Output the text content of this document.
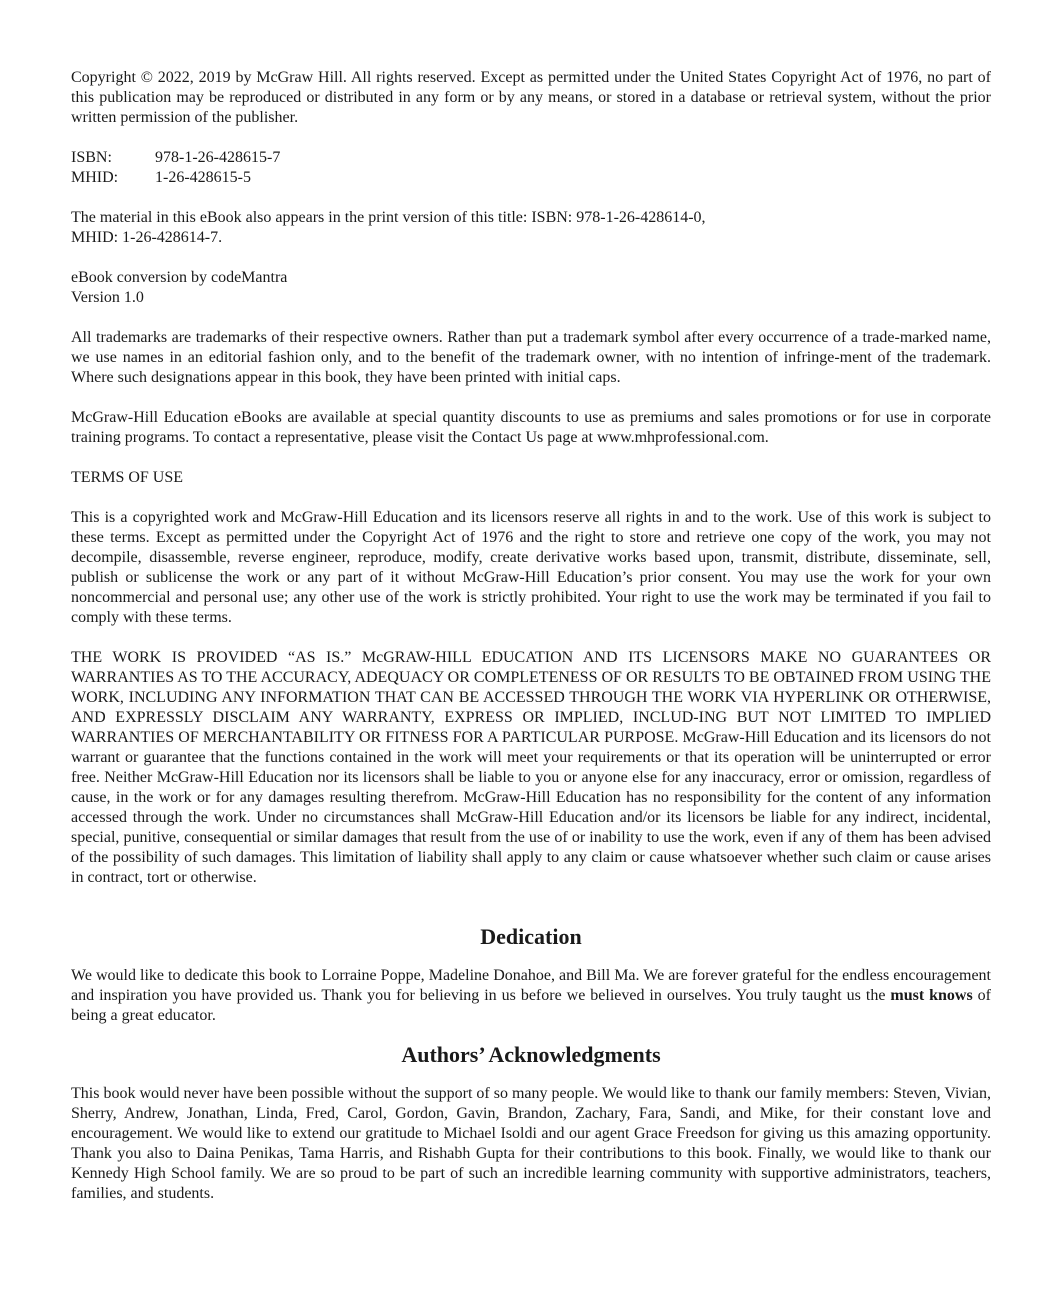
Copyright © 2022, 2019 by McGraw Hill. All rights reserved. Except as permitted under the United States Copyright Act of 1976, no part of this publication may be reproduced or distributed in any form or by any means, or stored in a database or retrieval system, without the prior written permission of the publisher.

ISBN:	978-1-26-428615-7
MHID: 1-26-428615-5

The material in this eBook also appears in the print version of this title: ISBN: 978-1-26-428614-0,
MHID: 1-26-428614-7.

eBook conversion by codeMantra
Version 1.0

All trademarks are trademarks of their respective owners. Rather than put a trademark symbol after every occurrence of a trade-marked name, we use names in an editorial fashion only, and to the benefit of the trademark owner, with no intention of infringe-ment of the trademark. Where such designations appear in this book, they have been printed with initial caps.

McGraw-Hill Education eBooks are available at special quantity discounts to use as premiums and sales promotions or for use in corporate training programs. To contact a representative, please visit the Contact Us page at www.mhprofessional.com.

TERMS OF USE

This is a copyrighted work and McGraw-Hill Education and its licensors reserve all rights in and to the work. Use of this work is subject to these terms. Except as permitted under the Copyright Act of 1976 and the right to store and retrieve one copy of the work, you may not decompile, disassemble, reverse engineer, reproduce, modify, create derivative works based upon, transmit, distribute, disseminate, sell, publish or sublicense the work or any part of it without McGraw-Hill Education’s prior consent. You may use the work for your own noncommercial and personal use; any other use of the work is strictly prohibited. Your right to use the work may be terminated if you fail to comply with these terms.

THE WORK IS PROVIDED “AS IS.” McGRAW-HILL EDUCATION AND ITS LICENSORS MAKE NO GUARANTEES OR WARRANTIES AS TO THE ACCURACY, ADEQUACY OR COMPLETENESS OF OR RESULTS TO BE OBTAINED FROM USING THE WORK, INCLUDING ANY INFORMATION THAT CAN BE ACCESSED THROUGH THE WORK VIA HYPERLINK OR OTHERWISE, AND EXPRESSLY DISCLAIM ANY WARRANTY, EXPRESS OR IMPLIED, INCLUD-ING BUT NOT LIMITED TO IMPLIED WARRANTIES OF MERCHANTABILITY OR FITNESS FOR A PARTICULAR PURPOSE. McGraw-Hill Education and its licensors do not warrant or guarantee that the functions contained in the work will meet your requirements or that its operation will be uninterrupted or error free. Neither McGraw-Hill Education nor its licensors shall be liable to you or anyone else for any inaccuracy, error or omission, regardless of cause, in the work or for any damages resulting therefrom. McGraw-Hill Education has no responsibility for the content of any information accessed through the work. Under no circumstances shall McGraw-Hill Education and/or its licensors be liable for any indirect, incidental, special, punitive, consequential or similar damages that result from the use of or inability to use the work, even if any of them has been advised of the possibility of such damages. This limitation of liability shall apply to any claim or cause whatsoever whether such claim or cause arises in contract, tort or otherwise.

Dedication

We would like to dedicate this book to Lorraine Poppe, Madeline Donahoe, and Bill Ma. We are forever grateful for the endless encouragement and inspiration you have provided us. Thank you for believing in us before we believed in ourselves. You truly taught us the must knows of being a great educator.

Authors’ Acknowledgments

This book would never have been possible without the support of so many people. We would like to thank our family members: Steven, Vivian, Sherry, Andrew, Jonathan, Linda, Fred, Carol, Gordon, Gavin, Brandon, Zachary, Fara, Sandi, and Mike, for their constant love and encouragement. We would like to extend our gratitude to Michael Isoldi and our agent Grace Freedson for giving us this amazing opportunity. Thank you also to Daina Penikas, Tama Harris, and Rishabh Gupta for their contributions to this book. Finally, we would like to thank our Kennedy High School family. We are so proud to be part of such an incredible learning community with supportive administrators, teachers, families, and students.
